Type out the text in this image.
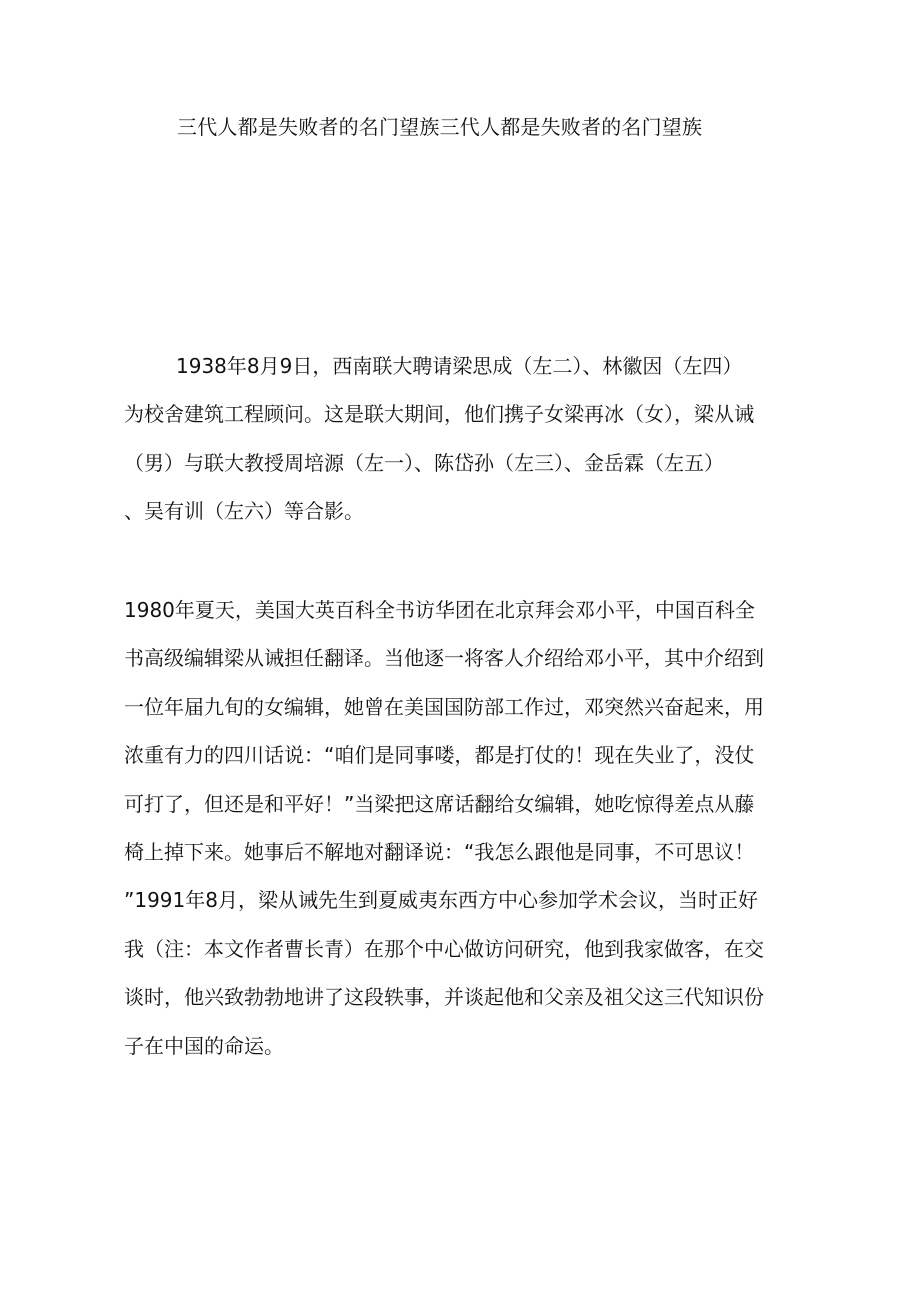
三代人都是失败者的名门望族三代人都是失败者的名门望族

1938年8月9日，西南联大聘请梁思成（左二）、林徽因（左四）
为校舍建筑工程顾问。这是联大期间，他们携子女梁再冰（女），梁从诫
（男）与联大教授周培源（左一）、陈岱孙（左三）、金岳霖（左五）
、吴有训（左六）等合影。

1980年夏天，美国大英百科全书访华团在北京拜会邓小平，中国百科全
书高级编辑梁从诫担任翻译。当他逐一将客人介绍给邓小平，其中介绍到
一位年届九旬的女编辑，她曾在美国国防部工作过，邓突然兴奋起来，用
浓重有力的四川话说：“咱们是同事喽，都是打仗的！现在失业了，没仗
可打了，但还是和平好！”当梁把这席话翻给女编辑，她吃惊得差点从藤
椅上掉下来。她事后不解地对翻译说：“我怎么跟他是同事，不可思议！
”1991年8月，梁从诫先生到夏威夷东西方中心参加学术会议，当时正好
我（注：本文作者曹长青）在那个中心做访问研究，他到我家做客，在交
谈时，他兴致勃勃地讲了这段轶事，并谈起他和父亲及祖父这三代知识份
子在中国的命运。
